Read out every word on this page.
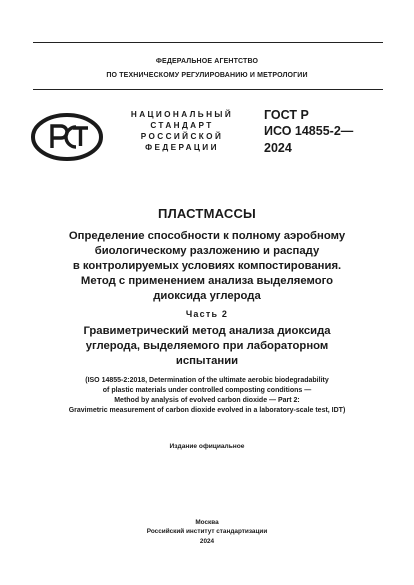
ФЕДЕРАЛЬНОЕ АГЕНТСТВО
ПО ТЕХНИЧЕСКОМУ РЕГУЛИРОВАНИЮ И МЕТРОЛОГИИ
НАЦИОНАЛЬНЫЙ
СТАНДАРТ
РОССИЙСКОЙ
ФЕДЕРАЦИИ
ГОСТ Р
ИСО 14855-2—
2024
ПЛАСТМАССЫ
Определение способности к полному аэробному
биологическому разложению и распаду
в контролируемых условиях компостирования.
Метод с применением анализа выделяемого
диоксида углерода
Часть 2
Гравиметрический метод анализа диоксида
углерода, выделяемого при лабораторном
испытании
(ISO 14855-2:2018, Determination of the ultimate aerobic biodegradability
of plastic materials under controlled composting conditions —
Method by analysis of evolved carbon dioxide — Part 2:
Gravimetric measurement of carbon dioxide evolved in a laboratory-scale test, IDT)
Издание официальное
Москва
Российский институт стандартизации
2024
